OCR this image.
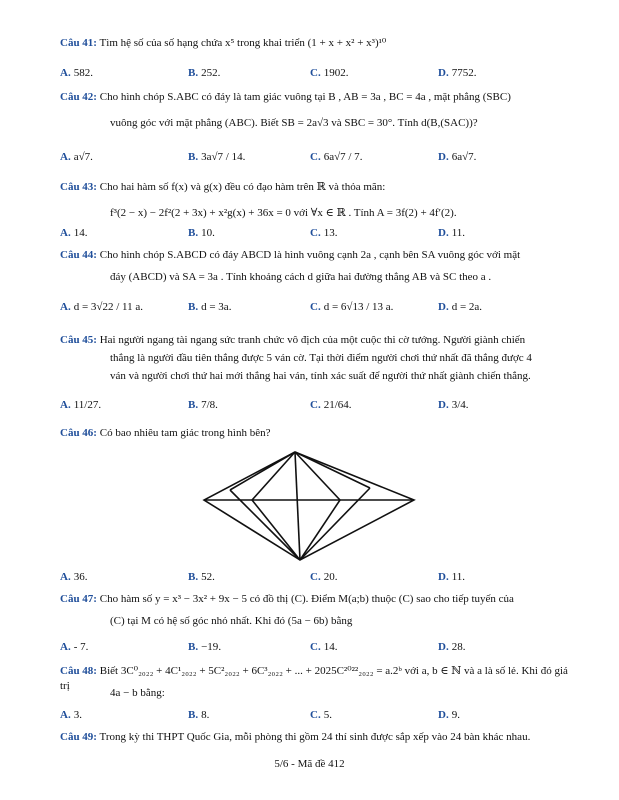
Câu 41: Tìm hệ số của số hạng chứa x⁵ trong khai triển (1 + x + x² + x³)¹⁰
A. 582.	B. 252.	C. 1902.	D. 7752.
Câu 42: Cho hình chóp S.ABC có đáy là tam giác vuông tại B , AB = 3a , BC = 4a , mặt phẳng (SBC)
vuông góc với mặt phẳng (ABC). Biết SB = 2a√3 và SBC = 30°. Tính d(B,(SAC))?
A. a√7.	B. 3a√7 / 14.	C. 6a√7 / 7.	D. 6a√7.
Câu 43: Cho hai hàm số f(x) và g(x) đều có đạo hàm trên ℝ và thỏa mãn:
f³(2 − x) − 2f²(2 + 3x) + x²g(x) + 36x = 0 với ∀x ∈ ℝ . Tính A = 3f(2) + 4f′(2).
A. 14.	B. 10.	C. 13.	D. 11.
Câu 44: Cho hình chóp S.ABCD có đáy ABCD là hình vuông cạnh 2a , cạnh bên SA vuông góc với mặt
đáy (ABCD) và SA = 3a . Tính khoảng cách d giữa hai đường thẳng AB và SC theo a .
A. d = 3√22 / 11 a.	B. d = 3a.	C. d = 6√13 / 13 a.	D. d = 2a.
Câu 45: Hai người ngang tài ngang sức tranh chức vô địch của một cuộc thi cờ tướng. Người giành chiến
thắng là người đầu tiên thắng được 5 ván cờ. Tại thời điểm người chơi thứ nhất đã thắng được 4
ván và người chơi thứ hai mới thắng hai ván, tính xác suất để người thứ nhất giành chiến thắng.
A. 11/27.	B. 7/8.	C. 21/64.	D. 3/4.
Câu 46: Có bao nhiêu tam giác trong hình bên?
A. 36.	B. 52.	C. 20.	D. 11.
Câu 47: Cho hàm số y = x³ − 3x² + 9x − 5 có đồ thị (C). Điểm M(a;b) thuộc (C) sao cho tiếp tuyến của
(C) tại M có hệ số góc nhỏ nhất. Khi đó (5a − 6b) bằng
A. - 7.	B. −19.	C. 14.	D. 28.
Câu 48: Biết 3C⁰₂₀₂₂ + 4C¹₂₀₂₂ + 5C²₂₀₂₂ + 6C³₂₀₂₂ + ... + 2025C²⁰²²₂₀₂₂ = a.2ᵇ với a, b ∈ ℕ và a là số lẻ. Khi đó giá trị
4a − b bằng:
A. 3.	B. 8.	C. 5.	D. 9.
Câu 49: Trong kỳ thi THPT Quốc Gia, mỗi phòng thi gồm 24 thí sinh được sắp xếp vào 24 bàn khác nhau.
5/6 - Mã đề 412
